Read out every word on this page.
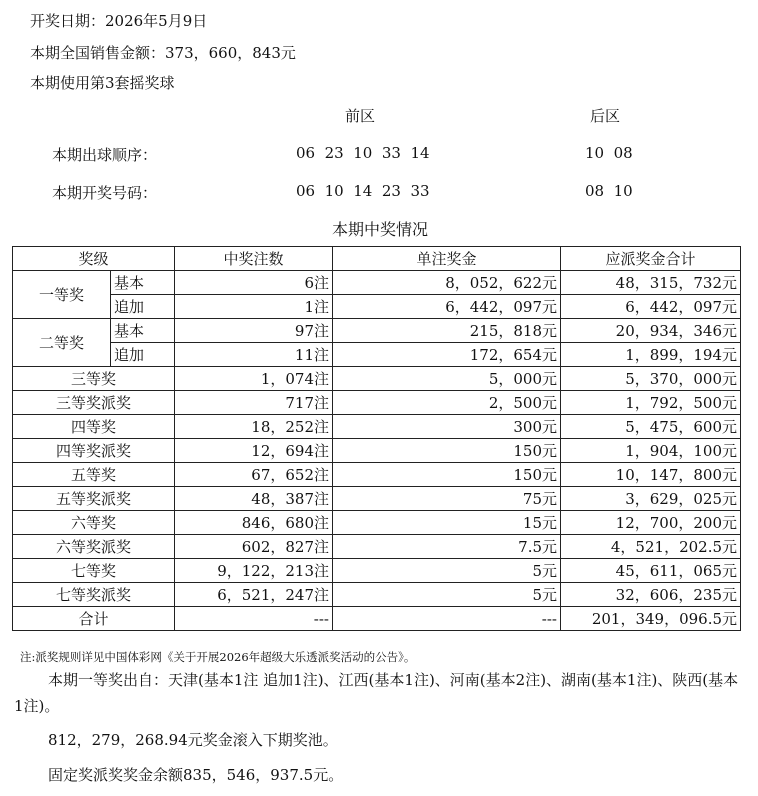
开奖日期：2026年5月9日
本期全国销售金额：373，660，843元
本期使用第3套摇奖球
前区	后区
本期出球顺序：	06  23  10  33  14	10  08
本期开奖号码：	06  10  14  23  33	08  10
本期中奖情况
奖级		中奖注数	单注奖金	应派奖金合计
一等奖	基本	6注	8，052，622元	48，315，732元
	追加	1注	6，442，097元	6，442，097元
二等奖	基本	97注	215，818元	20，934，346元
	追加	11注	172，654元	1，899，194元
三等奖		1，074注	5，000元	5，370，000元
三等奖派奖		717注	2，500元	1，792，500元
四等奖		18，252注	300元	5，475，600元
四等奖派奖		12，694注	150元	1，904，100元
五等奖		67，652注	150元	10，147，800元
五等奖派奖		48，387注	75元	3，629，025元
六等奖		846，680注	15元	12，700，200元
六等奖派奖		602，827注	7.5元	4，521，202.5元
七等奖		9，122，213注	5元	45，611，065元
七等奖派奖		6，521，247注	5元	32，606，235元
合计		---	---	201，349，096.5元
注:派奖规则详见中国体彩网《关于开展2026年超级大乐透派奖活动的公告》。
本期一等奖出自：天津(基本1注 追加1注)、江西(基本1注)、河南(基本2注)、湖南(基本1注)、陕西(基本1注)。
812，279，268.94元奖金滚入下期奖池。
固定奖派奖奖金余额835，546，937.5元。
